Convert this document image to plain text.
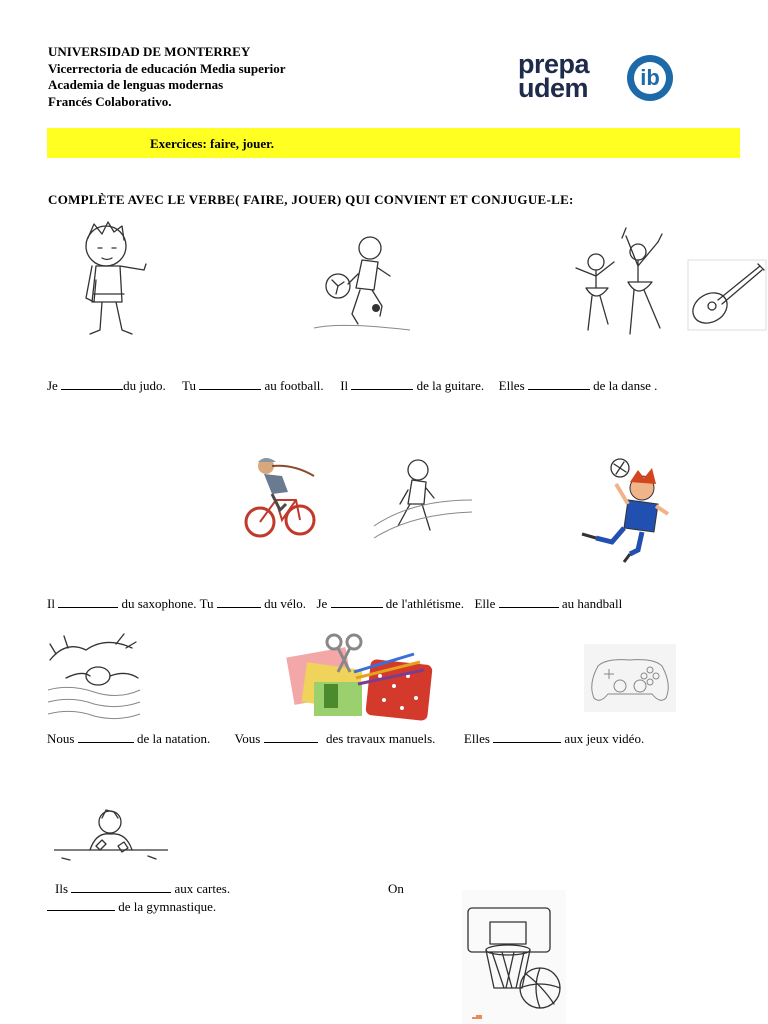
UNIVERSIDAD DE MONTERREY
Vicerrectoria de educación Media superior
Academia de lenguas modernas
Francés Colaborativo.
prepa
udem ib
Exercices: faire, jouer.
COMPLÈTE AVEC LE VERBE( FAIRE, JOUER) QUI CONVIENT ET CONJUGUE-LE:
Je	du judo. Tu	au football. Il	de la guitare. Elles	de la danse .
Il	du saxophone. Tu	du vélo. Je	de l'athlétisme. Elle	au handball
Nous	de la natation. Vous	des travaux manuels. Elles	aux jeux vidéo.
Ils	aux cartes.	On
de la gymnastique.
